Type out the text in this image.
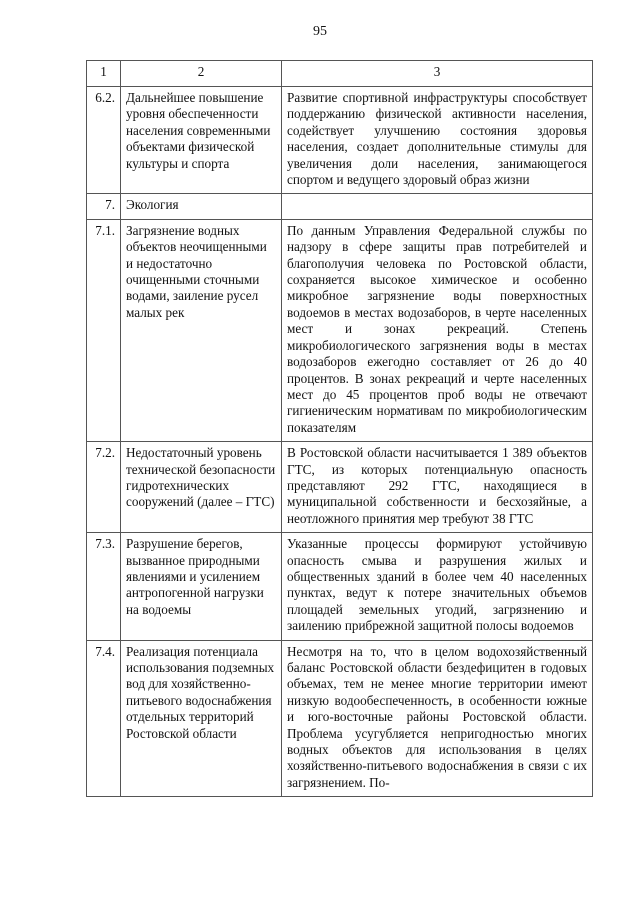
95
1	2	3
6.2.	Дальнейшее повышение уровня обеспеченности населения современными объектами физической культуры и спорта	Развитие спортивной инфраструктуры способствует поддержанию физической активности населения, содействует улучшению состояния здоровья населения, создает дополнительные стимулы для увеличения доли населения, занимающегося спортом и ведущего здоровый образ жизни
7.	Экология	
7.1.	Загрязнение водных объектов неочищенными и недостаточно очищенными сточными водами, заиление русел малых рек	По данным Управления Федеральной службы по надзору в сфере защиты прав потребителей и благополучия человека по Ростовской области, сохраняется высокое химическое и особенно микробное загрязнение воды поверхностных водоемов в местах водозаборов, в черте населенных мест и зонах рекреаций. Степень микробиологического загрязнения воды в местах водозаборов ежегодно составляет от 26 до 40 процентов. В зонах рекреаций и черте населенных мест до 45 процентов проб воды не отвечают гигиеническим нормативам по микробиологическим показателям
7.2.	Недостаточный уровень технической безопасности гидротехнических сооружений (далее – ГТС)	В Ростовской области насчитывается 1 389 объектов ГТС, из которых потенциальную опасность представляют 292 ГТС, находящиеся в муниципальной собственности и бесхозяйные, а неотложного принятия мер требуют 38 ГТС
7.3.	Разрушение берегов, вызванное природными явлениями и усилением антропогенной нагрузки на водоемы	Указанные процессы формируют устойчивую опасность смыва и разрушения жилых и общественных зданий в более чем 40 населенных пунктах, ведут к потере значительных объемов площадей земельных угодий, загрязнению и заилению прибрежной защитной полосы водоемов
7.4.	Реализация потенциала использования подземных вод для хозяйственно-питьевого водоснабжения отдельных территорий Ростовской области	Несмотря на то, что в целом водохозяйственный баланс Ростовской области бездефицитен в годовых объемах, тем не менее многие территории имеют низкую водообеспеченность, в особенности южные и юго-восточные районы Ростовской области. Проблема усугубляется непригодностью многих водных объектов для использования в целях хозяйственно-питьевого водоснабжения в связи с их загрязнением. По-
